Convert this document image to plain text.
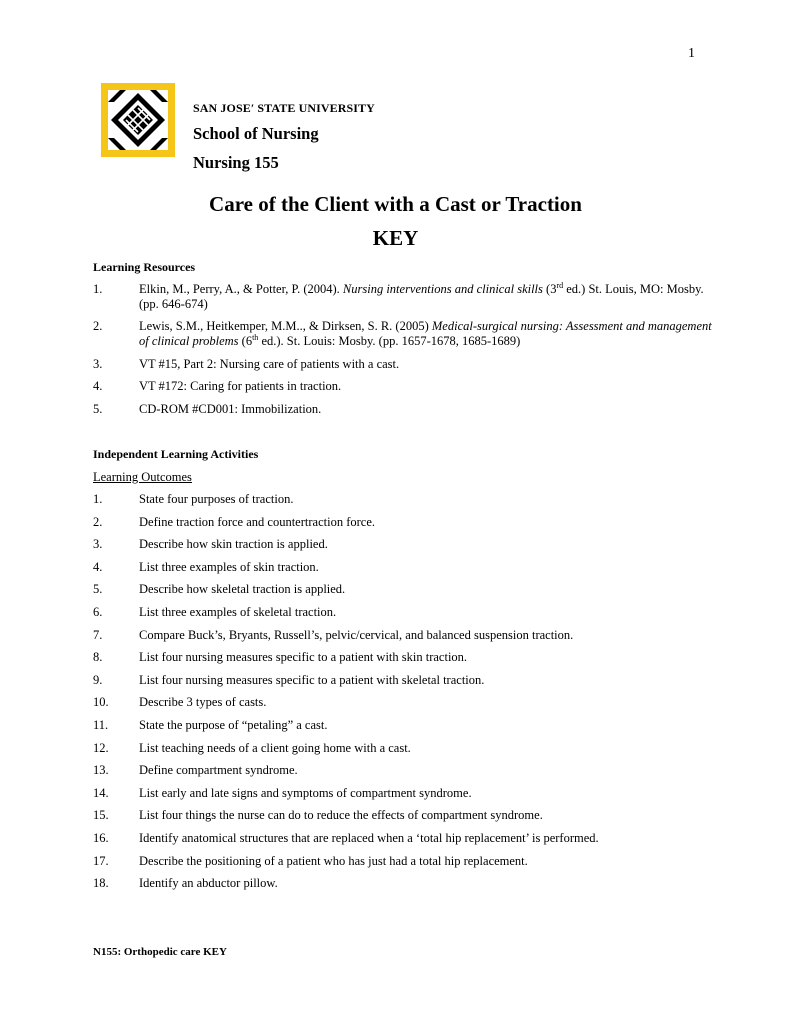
1
SAN JOSE′ STATE UNIVERSITY
School of Nursing
Nursing 155
Care of the Client with a Cast or Traction
KEY
Learning Resources
1.	Elkin, M., Perry, A., & Potter, P. (2004). Nursing interventions and clinical skills (3rd ed.) St. Louis, MO: Mosby. (pp. 646-674)
2.	Lewis, S.M., Heitkemper, M.M.., & Dirksen, S. R. (2005) Medical-surgical nursing: Assessment and management of clinical problems (6th ed.). St. Louis: Mosby. (pp. 1657-1678, 1685-1689)
3.	VT #15, Part 2: Nursing care of patients with a cast.
4.	VT #172: Caring for patients in traction.
5.	CD-ROM #CD001: Immobilization.
Independent Learning Activities
Learning Outcomes
1.	State four purposes of traction.
2.	Define traction force and countertraction force.
3.	Describe how skin traction is applied.
4.	List three examples of skin traction.
5.	Describe how skeletal traction is applied.
6.	List three examples of skeletal traction.
7.	Compare Buck’s, Bryants, Russell’s, pelvic/cervical, and balanced suspension traction.
8.	List four nursing measures specific to a patient with skin traction.
9.	List four nursing measures specific to a patient with skeletal traction.
10.	Describe 3 types of casts.
11.	State the purpose of “petaling” a cast.
12.	List teaching needs of a client going home with a cast.
13.	Define compartment syndrome.
14.	List early and late signs and symptoms of compartment syndrome.
15.	List four things the nurse can do to reduce the effects of compartment syndrome.
16.	Identify anatomical structures that are replaced when a ‘total hip replacement’ is performed.
17.	Describe the positioning of a patient who has just had a total hip replacement.
18.	Identify an abductor pillow.
N155: Orthopedic care KEY
